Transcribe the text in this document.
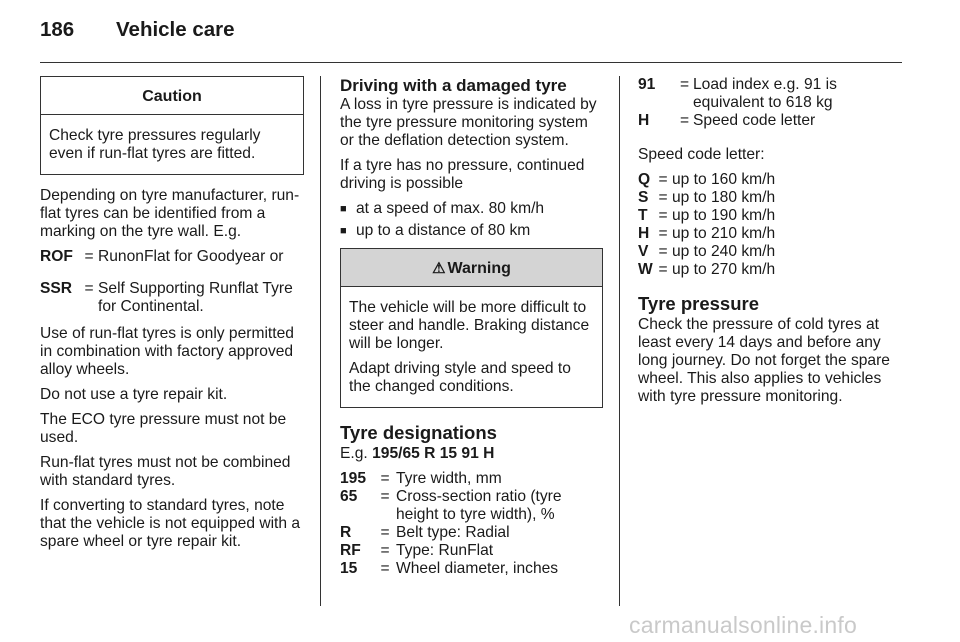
186 Vehicle care
Caution

Check tyre pressures regularly even if run-flat tyres are fitted.

Depending on tyre manufacturer, run-flat tyres can be identified from a marking on the tyre wall. E.g.

ROF = RunonFlat for Goodyear or
SSR = Self Supporting Runflat Tyre for Continental.

Use of run-flat tyres is only permitted in combination with factory approved alloy wheels.

Do not use a tyre repair kit.

The ECO tyre pressure must not be used.

Run-flat tyres must not be combined with standard tyres.

If converting to standard tyres, note that the vehicle is not equipped with a spare wheel or tyre repair kit.

Driving with a damaged tyre

A loss in tyre pressure is indicated by the tyre pressure monitoring system or the deflation detection system.

If a tyre has no pressure, continued driving is possible

■ at a speed of max. 80 km/h
■ up to a distance of 80 km
⚠ Warning

The vehicle will be more difficult to steer and handle. Braking distance will be longer.

Adapt driving style and speed to the changed conditions.

Tyre designations

E.g. 195/65 R 15 91 H

195 = Tyre width, mm
65	= Cross-section ratio (tyre height to tyre width), %
R	= Belt type: Radial
RF	= Type: RunFlat
15	= Wheel diameter, inches
91	= Load index e.g. 91 is equivalent to 618 kg
H	= Speed code letter

Speed code letter:

Q = up to 160 km/h
S = up to 180 km/h
T = up to 190 km/h
H = up to 210 km/h
V = up to 240 km/h
W = up to 270 km/h
Tyre pressure

Check the pressure of cold tyres at least every 14 days and before any long journey. Do not forget the spare wheel. This also applies to vehicles with tyre pressure monitoring.

carmanualsonline.info
